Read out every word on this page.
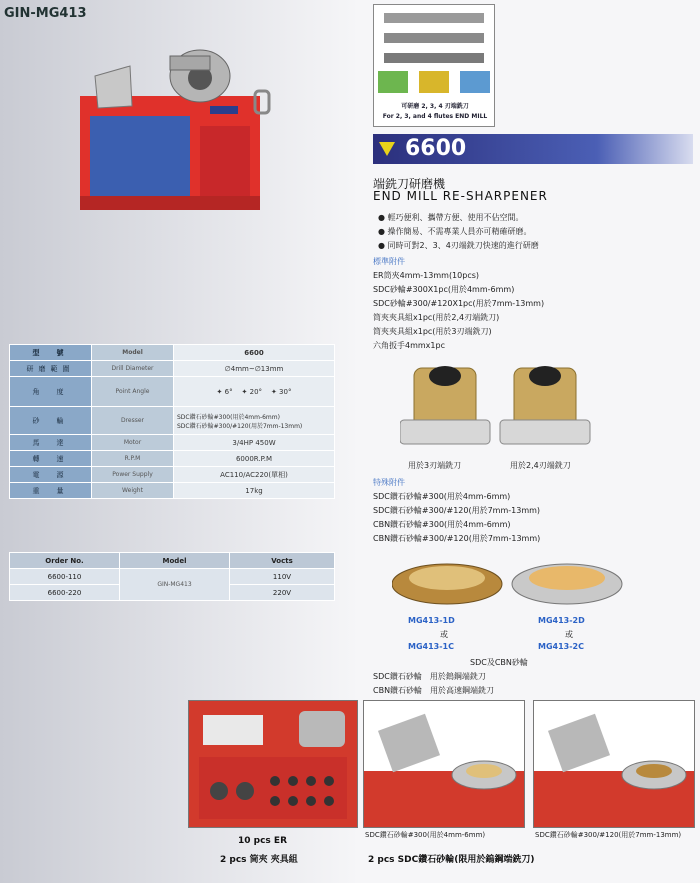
GIN-MG413
型　號	Model	6600
研磨範圍	Drill Diameter	∅4mm~∅13mm
角　度	Point Angle	✦ 6° ✦ 20° ✦ 30°
砂　輪	Dresser	SDC鑽石砂輪#300(用於4mm-6mm)
SDC鑽石砂輪#300/#120(用於7mm-13mm)

馬　達	Motor	3/4HP 450W
轉　速	R.P.M	6000R.P.M
電　源	Power Supply	AC110/AC220(單相)
重　量	Weight	17kg
Order No.	Model	Vocts
6600-110	GIN-MG413	110V
6600-220		220V
可研磨 2, 3, 4 刃端銑刀
For 2, 3, and 4 flutes END MILL
6600
端銑刀研磨機
END MILL RE-SHARPENER
● 輕巧便利、攜帶方便、使用不佔空間。
● 操作簡易、不需專業人員亦可精確研磨。
● 同時可對2、3、4刃端銑刀快速的進行研磨
標準附件
ER筒夾4mm-13mm(10pcs)
SDC砂輪#300X1pc(用於4mm-6mm)
SDC砂輪#300/#120X1pc(用於7mm-13mm)
筒夾夾具組x1pc(用於2,4刃端銑刀)
筒夾夾具組x1pc(用於3刃端銑刀)
六角扳手4mmx1pc
用於3刃端銑刀	用於2,4刃端銑刀
特殊附件
SDC鑽石砂輪#300(用於4mm-6mm)
SDC鑽石砂輪#300/#120(用於7mm-13mm)
CBN鑽石砂輪#300(用於4mm-6mm)
CBN鑽石砂輪#300/#120(用於7mm-13mm)
MG413-1D
或
MG413-1C
MG413-2D
或
MG413-2C
SDC及CBN砂輪
SDC鑽石砂輪　 用於鎢鋼端銑刀
CBN鑽石砂輪　 用於高速鋼端銑刀
SDC鑽石砂輪#300(用於4mm-6mm)	SDC鑽石砂輪#300/#120(用於7mm-13mm)
10 pcs ER
2 pcs 筒夾 夾具組	2 pcs SDC鑽石砂輪(限用於鎢鋼端銑刀)
